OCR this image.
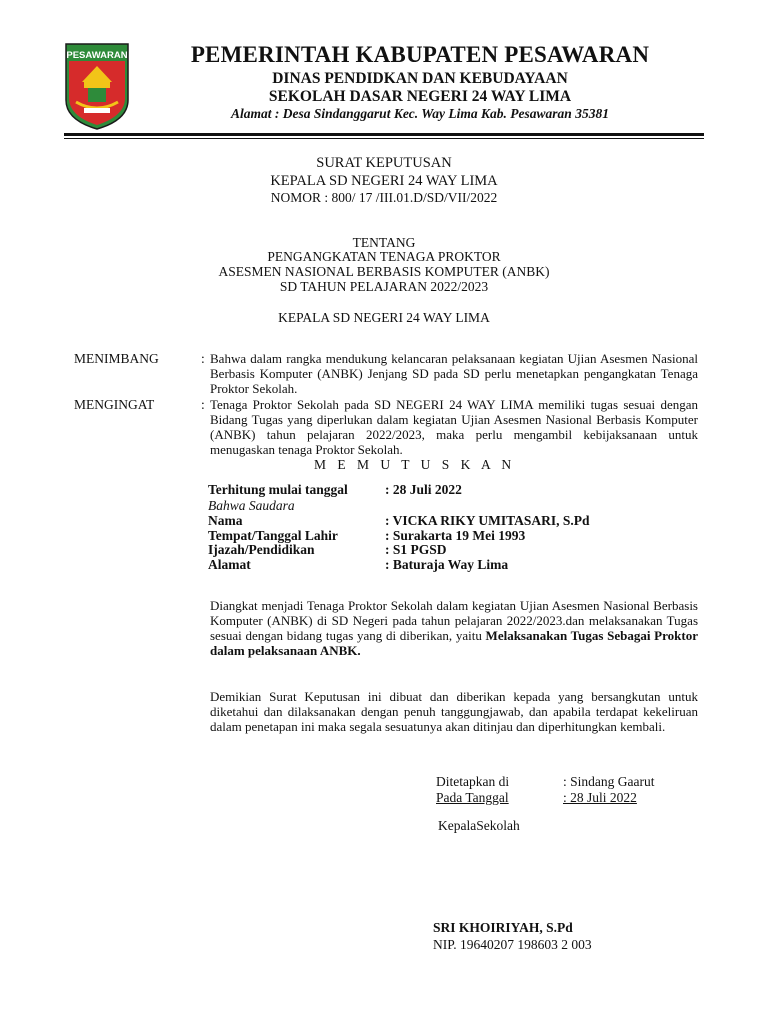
PESAWARAN	PEMERINTAH KABUPATEN PESAWARAN
DINAS PENDIDKAN DAN KEBUDAYAAN
SEKOLAH DASAR NEGERI 24 WAY LIMA
Alamat : Desa Sindanggarut Kec. Way Lima Kab. Pesawaran 35381
SURAT KEPUTUSAN
KEPALA SD NEGERI 24 WAY LIMA
NOMOR : 800/ 17 /III.01.D/SD/VII/2022
TENTANG
PENGANGKATAN TENAGA PROKTOR
ASESMEN NASIONAL BERBASIS KOMPUTER (ANBK)
SD TAHUN PELAJARAN 2022/2023
KEPALA SD NEGERI 24 WAY LIMA
MENIMBANG	: Bahwa dalam rangka mendukung kelancaran pelaksanaan kegiatan Ujian Asesmen Nasional Berbasis Komputer (ANBK) Jenjang SD pada SD perlu menetapkan pengangkatan Tenaga Proktor Sekolah.
MENGINGAT	: Tenaga Proktor Sekolah pada SD NEGERI 24 WAY LIMA memiliki tugas sesuai dengan Bidang Tugas yang diperlukan dalam kegiatan Ujian Asesmen Nasional Berbasis Komputer (ANBK) tahun pelajaran 2022/2023, maka perlu mengambil kebijaksanaan untuk menugaskan tenaga Proktor Sekolah.
M E M U T U S K A N
Terhitung mulai tanggal	: 28 Juli 2022
Bahwa Saudara
Nama	: VICKA RIKY UMITASARI, S.Pd
Tempat/Tanggal Lahir	: Surakarta 19 Mei 1993
Ijazah/Pendidikan	: S1 PGSD
Alamat	: Baturaja Way Lima
Diangkat menjadi Tenaga Proktor Sekolah dalam kegiatan Ujian Asesmen Nasional Berbasis Komputer (ANBK) di SD Negeri pada tahun pelajaran 2022/2023.dan melaksanakan Tugas sesuai dengan bidang tugas yang di diberikan, yaitu Melaksanakan Tugas Sebagai Proktor dalam pelaksanaan ANBK.
Demikian Surat Keputusan ini dibuat dan diberikan kepada yang bersangkutan untuk diketahui dan dilaksanakan dengan penuh tanggungjawab, dan apabila terdapat kekeliruan dalam penetapan ini maka segala sesuatunya akan ditinjau dan diperhitungkan kembali.
Ditetapkan di	: Sindang Gaarut
Pada Tanggal	: 28 Juli 2022
KepalaSekolah
SRI KHOIRIYAH, S.Pd
NIP. 19640207 198603 2 003
